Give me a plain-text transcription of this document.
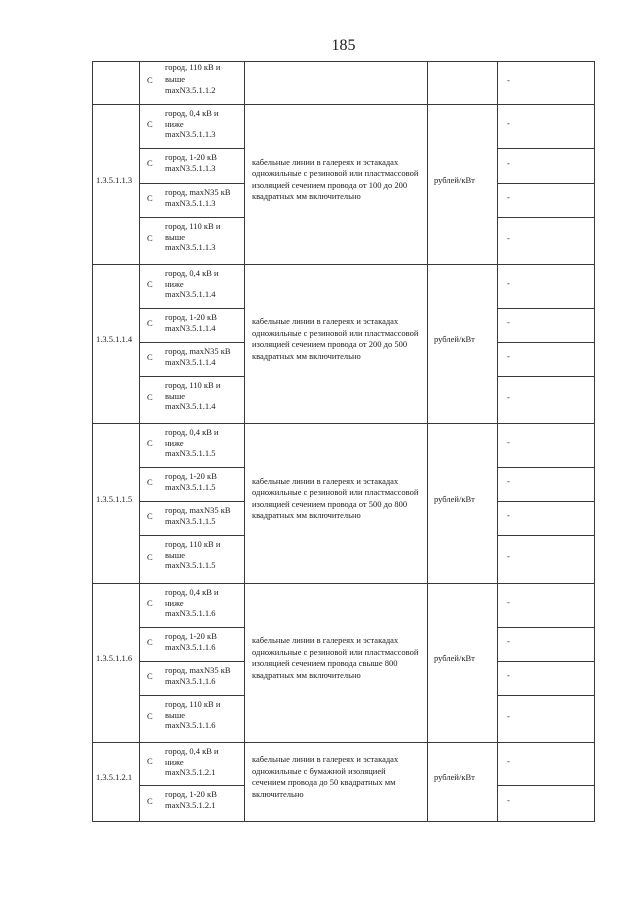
185
С
город, 110 кВ и
выше
maxN3.5.1.1.2
-
1.3.5.1.1.3
С
город, 0,4 кВ и
ниже
maxN3.5.1.1.3
-
С
город, 1-20 кВ
maxN3.5.1.1.3	-
С
город, maxN35 кВ
maxN3.5.1.1.3
-
С
город, 110 кВ и
выше
maxN3.5.1.1.3
-
кабельные линии в галереях и эстакадах
одножильные с резиновой или пластмассовой
изоляцией сечением провода от 100 до 200
квадратных мм включительно
рублей/кВт
1.3.5.1.1.4
С
город, 0,4 кВ и
ниже
maxN3.5.1.1.4
-
С
город, 1-20 кВ
maxN3.5.1.1.4
-
С
город, maxN35 кВ
maxN3.5.1.1.4
-
С
город, 110 кВ и
выше
maxN3.5.1.1.4
-
кабельные линии в галереях и эстакадах
одножильные с резиновой или пластмассовой
изоляцией сечением провода от 200 до 500
квадратных мм включительно
рублей/кВт
1.3.5.1.1.5
С
город, 0,4 кВ и
ниже
maxN3.5.1.1.5
-
С
город, 1-20 кВ
maxN3.5.1.1.5
-
С
город, maxN35 кВ
maxN3.5.1.1.5
-
С
город, 110 кВ и
выше
maxN3.5.1.1.5
-
кабельные линии в галереях и эстакадах
одножильные с резиновой или пластмассовой
изоляцией сечением провода от 500 до 800
квадратных мм включительно
рублей/кВт
1.3.5.1.1.6
С
город, 0,4 кВ и
ниже
maxN3.5.1.1.6
-
С
город, 1-20 кВ
maxN3.5.1.1.6
-
С
город, maxN35 кВ
maxN3.5.1.1.6
-
С
город, 110 кВ и
выше
maxN3.5.1.1.6
-
кабельные линии в галереях и эстакадах
одножильные с резиновой или пластмассовой
изоляцией сечением провода свыше 800
квадратных мм включительно
рублей/кВт
1.3.5.1.2.1
С
город, 0,4 кВ и
ниже
maxN3.5.1.2.1
-
С
город, 1-20 кВ
maxN3.5.1.2.1	-
кабельные линии в галереях и эстакадах
одножильные с бумажной изоляцией
сечением провода до 50 квадратных мм
включительно
рублей/кВт
